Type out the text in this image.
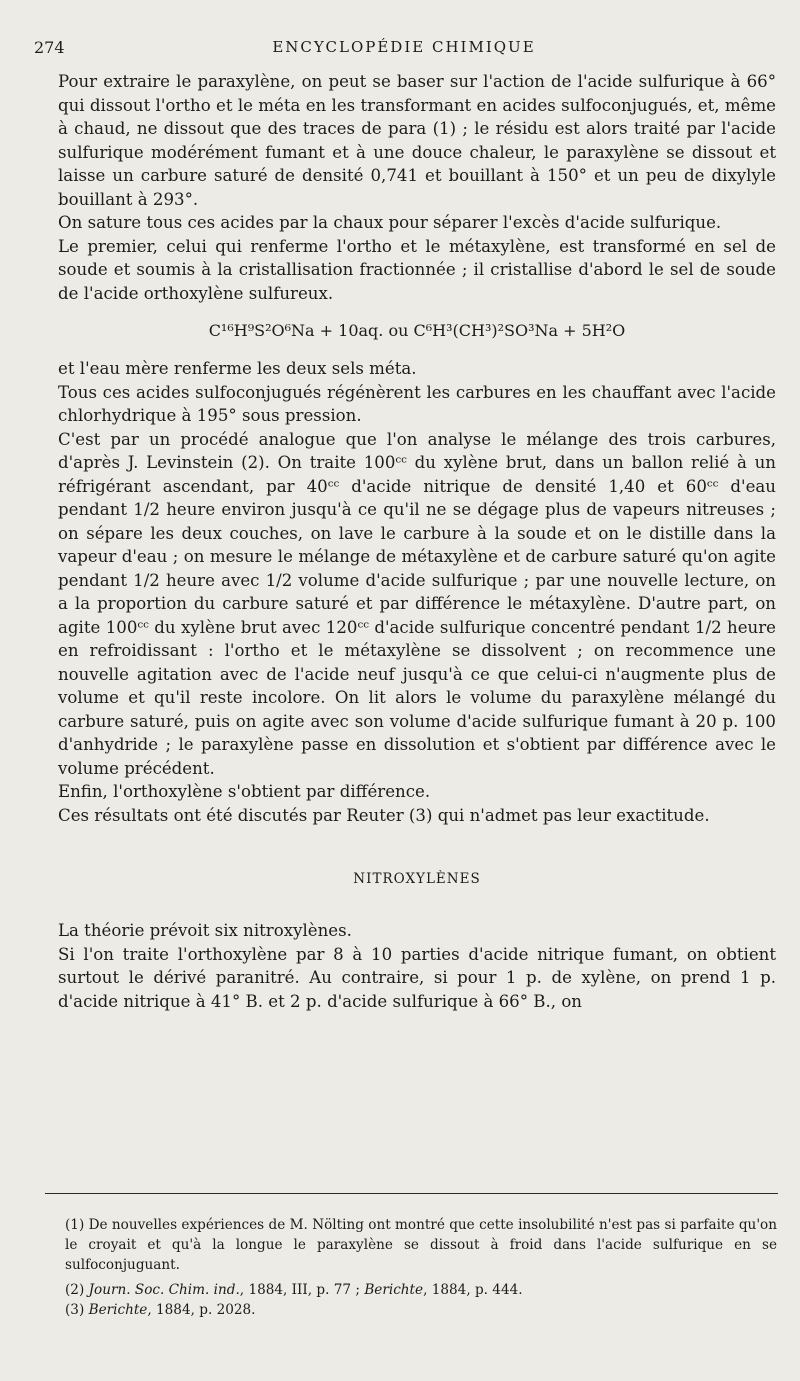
274	ENCYCLOPÉDIE CHIMIQUE

Pour extraire le paraxylène, on peut se baser sur l'action de l'acide sulfurique à 66° qui dissout l'ortho et le méta en les transformant en acides sulfoconjugués, et, même à chaud, ne dissout que des traces de para (1) ; le résidu est alors traité par l'acide sulfurique modérément fumant et à une douce chaleur, le paraxylène se dissout et laisse un carbure saturé de densité 0,741 et bouillant à 150° et un peu de dixylyle bouillant à 293°.

On sature tous ces acides par la chaux pour séparer l'excès d'acide sulfurique.

Le premier, celui qui renferme l'ortho et le métaxylène, est transformé en sel de soude et soumis à la cristallisation fractionnée ; il cristallise d'abord le sel de soude de l'acide orthoxylène sulfureux.

C¹⁶H⁹S²O⁶Na + 10aq. ou C⁶H³(CH³)²SO³Na + 5H²O

et l'eau mère renferme les deux sels méta.

Tous ces acides sulfoconjugués régénèrent les carbures en les chauffant avec l'acide chlorhydrique à 195° sous pression.

C'est par un procédé analogue que l'on analyse le mélange des trois carbures, d'après J. Levinstein (2). On traite 100ᶜᶜ du xylène brut, dans un ballon relié à un réfrigérant ascendant, par 40ᶜᶜ d'acide nitrique de densité 1,40 et 60ᶜᶜ d'eau pendant 1/2 heure environ jusqu'à ce qu'il ne se dégage plus de vapeurs nitreuses ; on sépare les deux couches, on lave le carbure à la soude et on le distille dans la vapeur d'eau ; on mesure le mélange de métaxylène et de carbure saturé qu'on agite pendant 1/2 heure avec 1/2 volume d'acide sulfurique ; par une nouvelle lecture, on a la proportion du carbure saturé et par différence le métaxylène. D'autre part, on agite 100ᶜᶜ du xylène brut avec 120ᶜᶜ d'acide sulfurique concentré pendant 1/2 heure en refroidissant : l'ortho et le métaxylène se dissolvent ; on recommence une nouvelle agitation avec de l'acide neuf jusqu'à ce que celui-ci n'augmente plus de volume et qu'il reste incolore. On lit alors le volume du paraxylène mélangé du carbure saturé, puis on agite avec son volume d'acide sulfurique fumant à 20 p. 100 d'anhydride ; le paraxylène passe en dissolution et s'obtient par différence avec le volume précédent.

Enfin, l'orthoxylène s'obtient par différence.

Ces résultats ont été discutés par Reuter (3) qui n'admet pas leur exactitude.

NITROXYLÈNES

La théorie prévoit six nitroxylènes.

Si l'on traite l'orthoxylène par 8 à 10 parties d'acide nitrique fumant, on obtient surtout le dérivé paranitré. Au contraire, si pour 1 p. de xylène, on prend 1 p. d'acide nitrique à 41° B. et 2 p. d'acide sulfurique à 66° B., on

(1) De nouvelles expériences de M. Nölting ont montré que cette insolubilité n'est pas si parfaite qu'on le croyait et qu'à la longue le paraxylène se dissout à froid dans l'acide sulfurique en se sulfoconjuguant.

(2) Journ. Soc. Chim. ind., 1884, III, p. 77 ; Berichte, 1884, p. 444.

(3) Berichte, 1884, p. 2028.
